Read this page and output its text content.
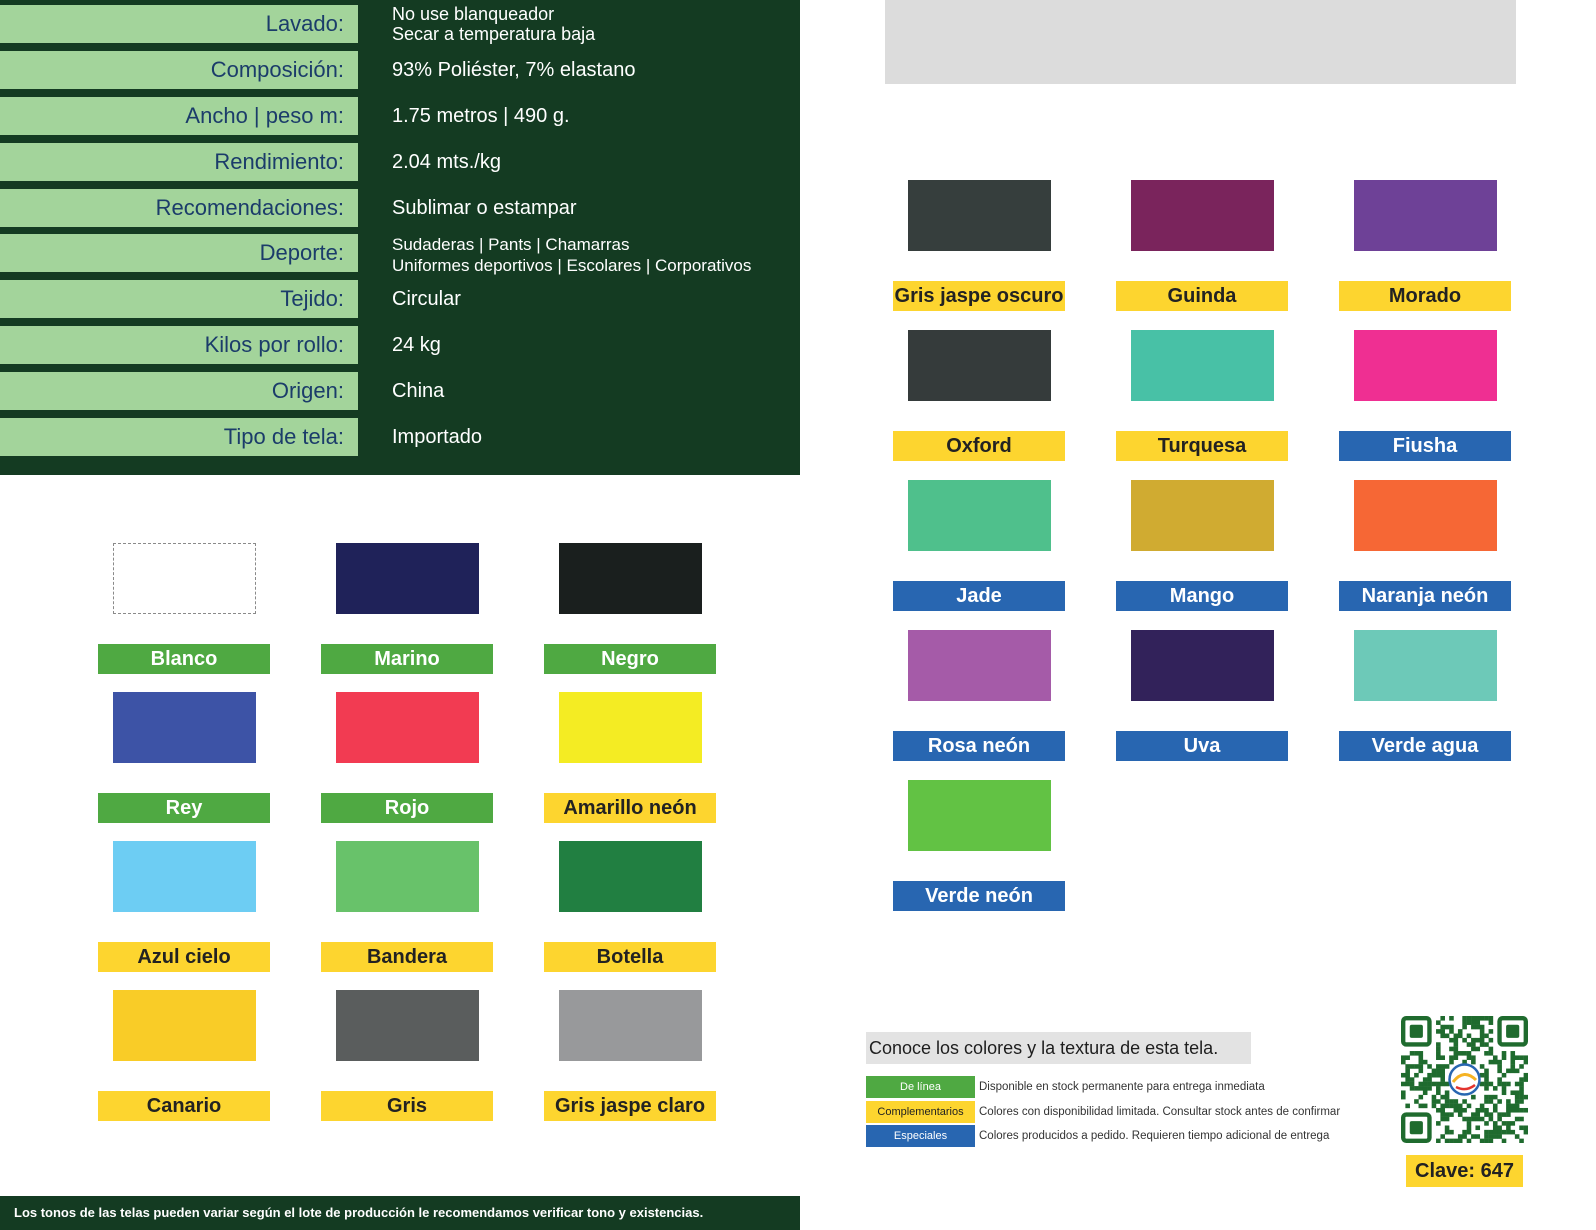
Lavado:	No use blanqueador
Secar a temperatura baja
Composición:	93% Poliéster, 7% elastano
Ancho | peso m:	1.75 metros | 490 g.
Rendimiento:	2.04 mts./kg
Recomendaciones:	Sublimar o estampar
Deporte:	Sudaderas | Pants | Chamarras
Uniformes deportivos | Escolares | Corporativos
Tejido:	Circular
Kilos por rollo:	24 kg
Origen:	China
Tipo de tela:	Importado
Conoce los colores y la textura de esta tela.
Clave: 647
Los tonos de las telas pueden variar según el lote de producción le recomendamos verificar tono y existencias.
Blanco	Marino	Negro
Rey	Rojo	Amarillo neón
Azul cielo	Bandera	Botella
Canario	Gris	Gris jaspe claro
Gris jaspe oscuro	Guinda	Morado
Oxford	Turquesa	Fiusha
Jade	Mango	Naranja neón
Rosa neón	Uva	Verde agua
Verde neón
De línea	Disponible en stock permanente para entrega inmediata
Complementarios	Colores con disponibilidad limitada. Consultar stock antes de confirmar
Especiales	Colores producidos a pedido. Requieren tiempo adicional de entrega
